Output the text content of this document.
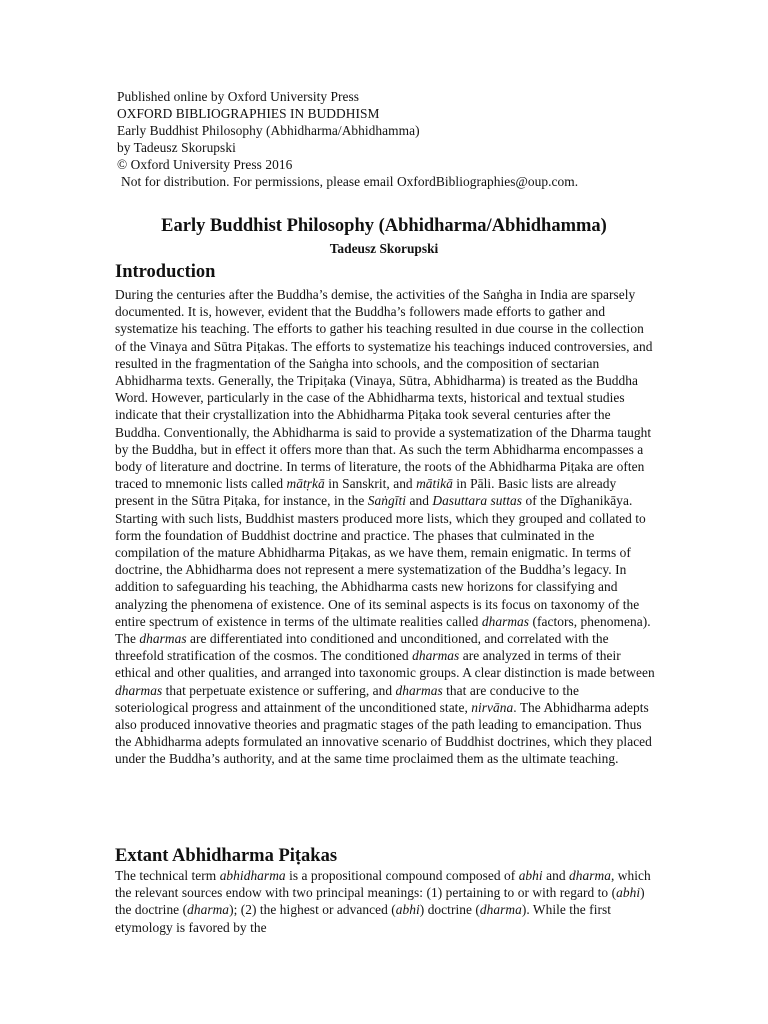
Published online by Oxford University Press
OXFORD BIBLIOGRAPHIES IN BUDDHISM
Early Buddhist Philosophy (Abhidharma/Abhidhamma)
by Tadeusz Skorupski
© Oxford University Press 2016
Not for distribution. For permissions, please email OxfordBibliographies@oup.com.
Early Buddhist Philosophy (Abhidharma/Abhidhamma)
Tadeusz Skorupski
Introduction

During the centuries after the Buddha’s demise, the activities of the Saṅgha in India are sparsely documented. It is, however, evident that the Buddha’s followers made efforts to gather and systematize his teaching. The efforts to gather his teaching resulted in due course in the collection of the Vinaya and Sūtra Piṭakas. The efforts to systematize his teachings induced controversies, and resulted in the fragmentation of the Saṅgha into schools, and the composition of sectarian Abhidharma texts. Generally, the Tripiṭaka (Vinaya, Sūtra, Abhidharma) is treated as the Buddha Word. However, particularly in the case of the Abhidharma texts, historical and textual studies indicate that their crystallization into the Abhidharma Piṭaka took several centuries after the Buddha. Conventionally, the Abhidharma is said to provide a systematization of the Dharma taught by the Buddha, but in effect it offers more than that. As such the term Abhidharma encompasses a body of literature and doctrine. In terms of literature, the roots of the Abhidharma Piṭaka are often traced to mnemonic lists called mātṛkā in Sanskrit, and mātikā in Pāli. Basic lists are already present in the Sūtra Piṭaka, for instance, in the Saṅgīti and Dasuttara suttas of the Dīghanikāya. Starting with such lists, Buddhist masters produced more lists, which they grouped and collated to form the foundation of Buddhist doctrine and practice. The phases that culminated in the compilation of the mature Abhidharma Piṭakas, as we have them, remain enigmatic. In terms of doctrine, the Abhidharma does not represent a mere systematization of the Buddha’s legacy. In addition to safeguarding his teaching, the Abhidharma casts new horizons for classifying and analyzing the phenomena of existence. One of its seminal aspects is its focus on taxonomy of the entire spectrum of existence in terms of the ultimate realities called dharmas (factors, phenomena). The dharmas are differentiated into conditioned and unconditioned, and correlated with the threefold stratification of the cosmos. The conditioned dharmas are analyzed in terms of their ethical and other qualities, and arranged into taxonomic groups. A clear distinction is made between dharmas that perpetuate existence or suffering, and dharmas that are conducive to the soteriological progress and attainment of the unconditioned state, nirvāna. The Abhidharma adepts also produced innovative theories and pragmatic stages of the path leading to emancipation. Thus the Abhidharma adepts formulated an innovative scenario of Buddhist doctrines, which they placed under the Buddha’s authority, and at the same time proclaimed them as the ultimate teaching.

Extant Abhidharma Piṭakas

The technical term abhidharma is a propositional compound composed of abhi and dharma, which the relevant sources endow with two principal meanings: (1) pertaining to or with regard to (abhi) the doctrine (dharma); (2) the highest or advanced (abhi) doctrine (dharma). While the first etymology is favored by the
